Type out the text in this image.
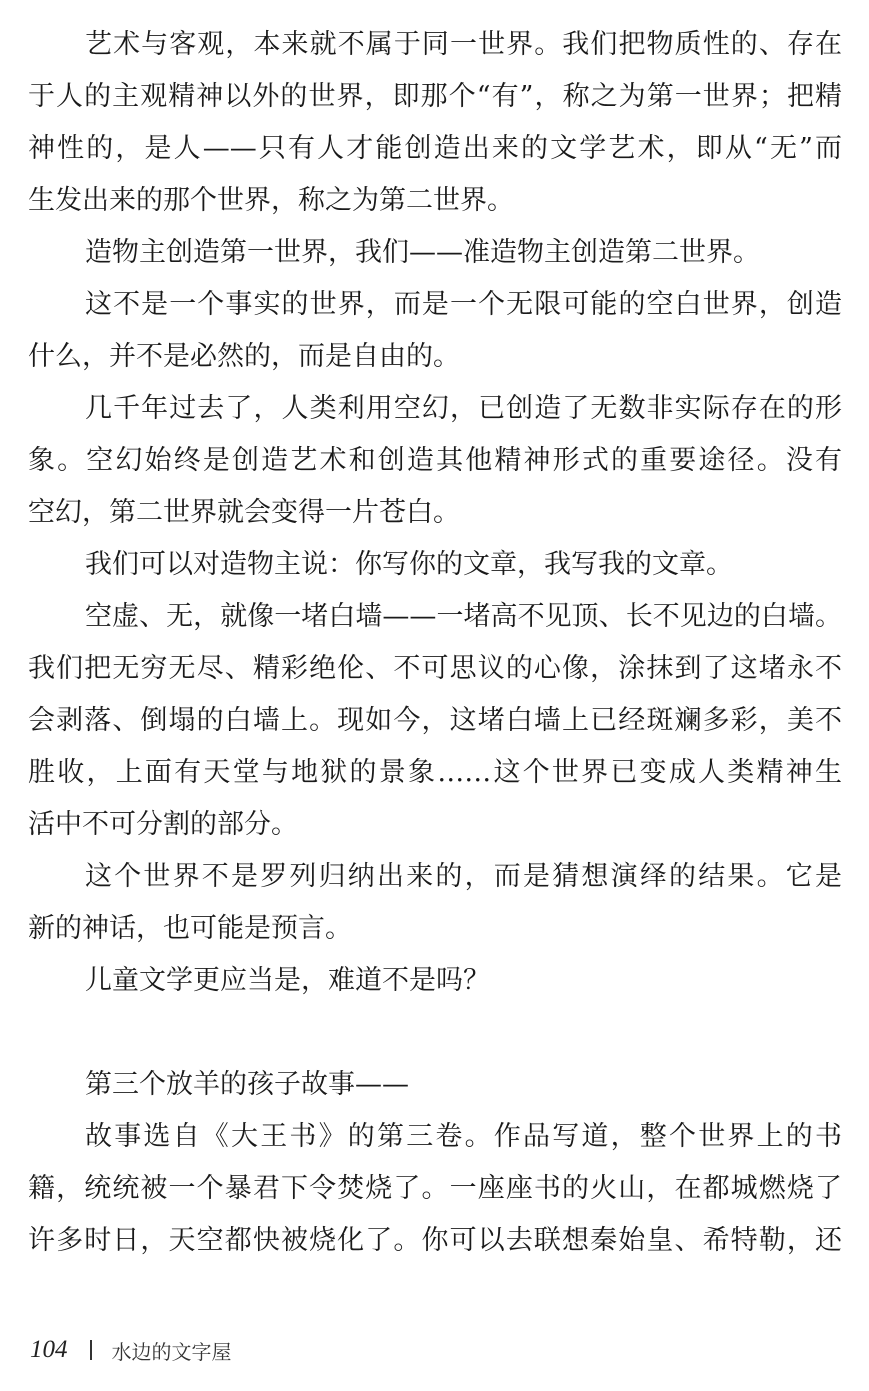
艺术与客观，本来就不属于同一世界。我们把物质性的、存在
于人的主观精神以外的世界，即那个“有”，称之为第一世界；把精
神性的，是人——只有人才能创造出来的文学艺术，即从“无”而
生发出来的那个世界，称之为第二世界。
造物主创造第一世界，我们——准造物主创造第二世界。
这不是一个事实的世界，而是一个无限可能的空白世界，创造
什么，并不是必然的，而是自由的。
几千年过去了，人类利用空幻，已创造了无数非实际存在的形
象。空幻始终是创造艺术和创造其他精神形式的重要途径。没有
空幻，第二世界就会变得一片苍白。
我们可以对造物主说：你写你的文章，我写我的文章。
空虚、无，就像一堵白墙——一堵高不见顶、长不见边的白墙。
我们把无穷无尽、精彩绝伦、不可思议的心像，涂抹到了这堵永不
会剥落、倒塌的白墙上。现如今，这堵白墙上已经斑斓多彩，美不
胜收，上面有天堂与地狱的景象……这个世界已变成人类精神生
活中不可分割的部分。
这个世界不是罗列归纳出来的，而是猜想演绎的结果。它是
新的神话，也可能是预言。
儿童文学更应当是，难道不是吗？
第三个放羊的孩子故事——
故事选自《大王书》的第三卷。作品写道，整个世界上的书
籍，统统被一个暴君下令焚烧了。一座座书的火山，在都城燃烧了
许多时日，天空都快被烧化了。你可以去联想秦始皇、希特勒，还
104 水边的文字屋
